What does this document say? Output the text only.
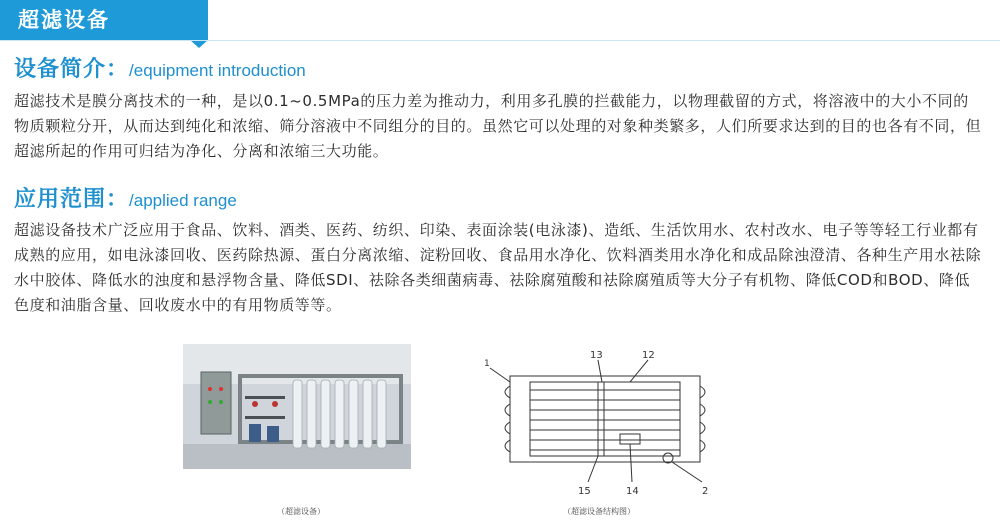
超滤设备
设备简介：/equipment introduction
超滤技术是膜分离技术的一种，是以0.1~0.5MPa的压力差为推动力，利用多孔膜的拦截能力，以物理截留的方式，将溶液中的大小不同的物质颗粒分开，从而达到纯化和浓缩、筛分溶液中不同组分的目的。虽然它可以处理的对象种类繁多，人们所要求达到的目的也各有不同，但超滤所起的作用可归结为净化、分离和浓缩三大功能。
应用范围：/applied range
超滤设备技术广泛应用于食品、饮料、酒类、医药、纺织、印染、表面涂装(电泳漆)、造纸、生活饮用水、农村改水、电子等等轻工行业都有成熟的应用，如电泳漆回收、医药除热源、蛋白分离浓缩、淀粉回收、食品用水净化、饮料酒类用水净化和成品除浊澄清、各种生产用水祛除水中胶体、降低水的浊度和悬浮物含量、降低SDI、祛除各类细菌病毒、祛除腐殖酸和祛除腐殖质等大分子有机物、降低COD和BOD、降低色度和油脂含量、回收废水中的有用物质等等。
（超滤设备）
13	12
1
15	14	2
（超滤设备结构图）
